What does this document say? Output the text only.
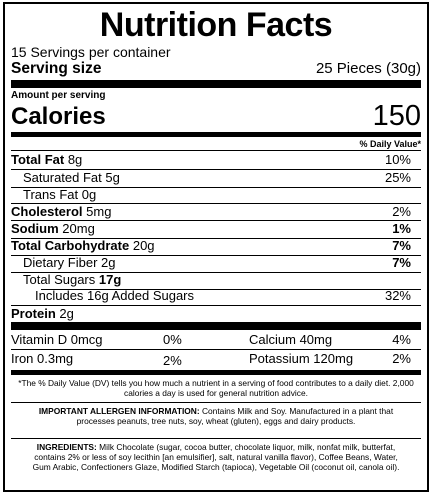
Nutrition Facts
15 Servings per container
Serving size	25 Pieces (30g)
Amount per serving
Calories	150
% Daily Value*
Total Fat 8g	10%
Saturated Fat 5g	25%
Trans Fat 0g
Cholesterol 5mg	2%
Sodium 20mg	1%
Total Carbohydrate 20g	7%
Dietary Fiber 2g	7%
Total Sugars 17g
Includes 16g Added Sugars	32%
Protein 2g
Vitamin D 0mcg	0%	Calcium 40mg	4%
Iron 0.3mg	2%	Potassium 120mg	2%
*The % Daily Value (DV) tells you how much a nutrient in a serving of food contributes to a daily diet. 2,000 calories a day is used for general nutrition advice.
IMPORTANT ALLERGEN INFORMATION: Contains Milk and Soy. Manufactured in a plant that processes peanuts, tree nuts, soy, wheat (gluten), eggs and dairy products.
INGREDIENTS: Milk Chocolate (sugar, cocoa butter, chocolate liquor, milk, nonfat milk, butterfat, contains 2% or less of soy lecithin [an emulsifier], salt, natural vanilla flavor), Coffee Beans, Water, Gum Arabic, Confectioners Glaze, Modified Starch (tapioca), Vegetable Oil (coconut oil, canola oil).
